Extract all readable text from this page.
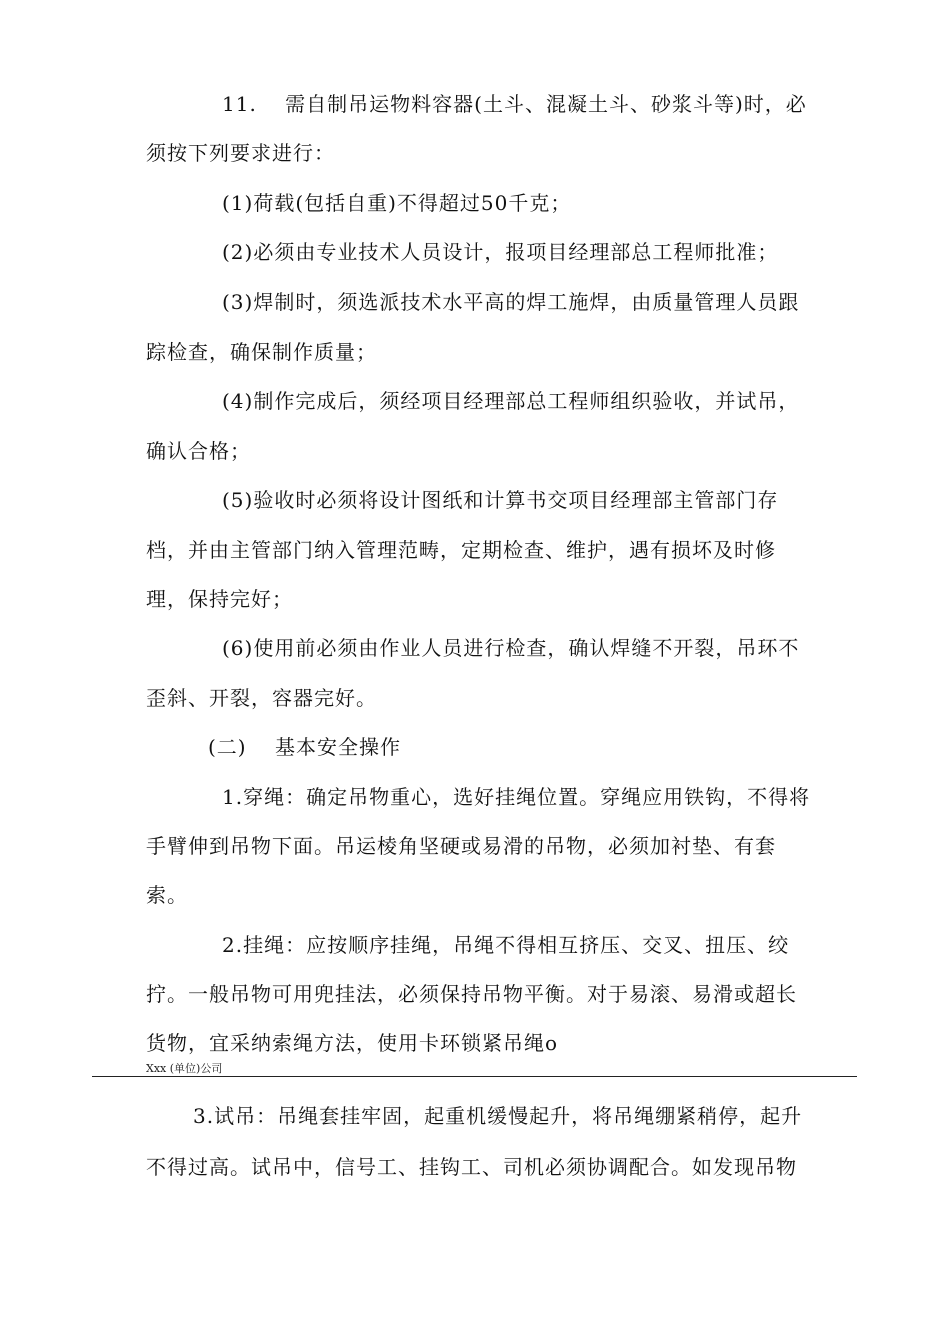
11.　 需自制吊运物料容器(土斗、混凝土斗、砂浆斗等)时，必
须按下列要求进行：
(1)荷载(包括自重)不得超过50千克；
(2)必须由专业技术人员设计，报项目经理部总工程师批准；
(3)焊制时，须选派技术水平高的焊工施焊，由质量管理人员跟
踪检查，确保制作质量；
(4)制作完成后，须经项目经理部总工程师组织验收，并试吊，
确认合格；
(5)验收时必须将设计图纸和计算书交项目经理部主管部门存
档，并由主管部门纳入管理范畴，定期检查、维护，遇有损坏及时修
理，保持完好；
(6)使用前必须由作业人员进行检查，确认焊缝不开裂，吊环不
歪斜、开裂，容器完好。
(二)　 基本安全操作
1.穿绳：确定吊物重心，选好挂绳位置。穿绳应用铁钩，不得将
手臂伸到吊物下面。吊运棱角坚硬或易滑的吊物，必须加衬垫、有套
索。
2.挂绳：应按顺序挂绳，吊绳不得相互挤压、交叉、扭压、绞
拧。一般吊物可用兜挂法，必须保持吊物平衡。对于易滚、易滑或超长
货物，宜采纳索绳方法，使用卡环锁紧吊绳o
Xxx (单位)公司
3.试吊：吊绳套挂牢固，起重机缓慢起升，将吊绳绷紧稍停，起升
不得过高。试吊中，信号工、挂钩工、司机必须协调配合。如发现吊物
